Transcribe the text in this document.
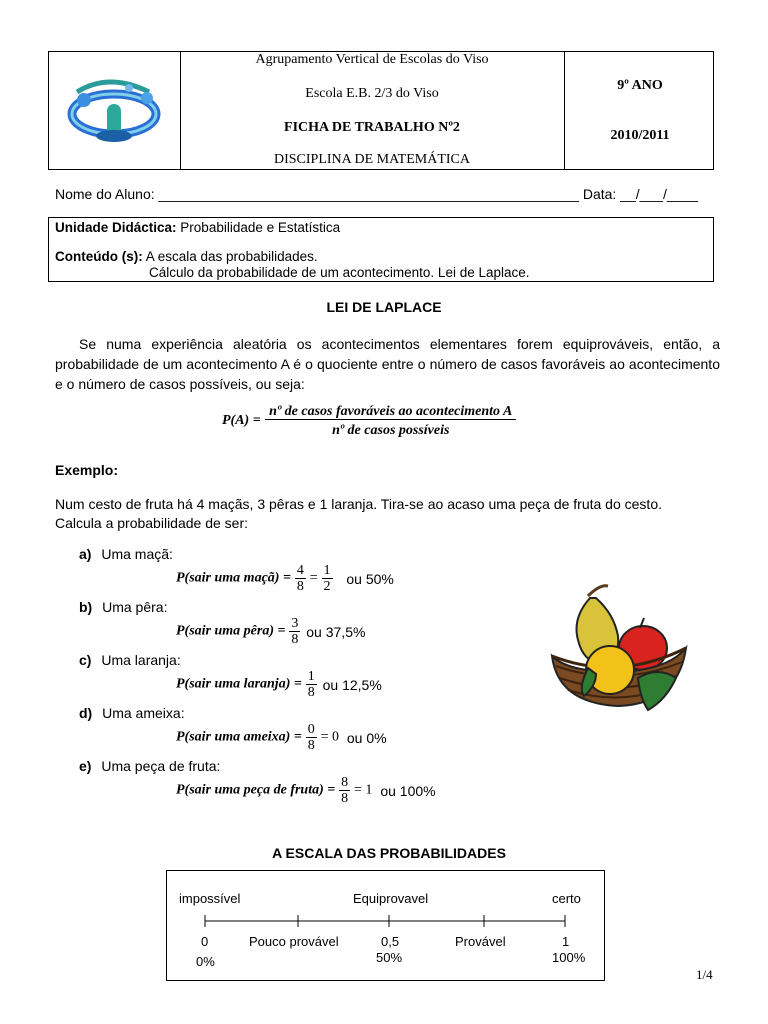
Agrupamento Vertical de Escolas do Viso
Escola E.B. 2/3 do Viso
FICHA DE TRABALHO Nº2
DISCIPLINA DE MATEMÁTICA
9º ANO
2010/2011
Nome do Aluno: ______________________________________________________ Data: __/___/____
Unidade Didáctica: Probabilidade e Estatística
Conteúdo (s): A escala das probabilidades.
Cálculo da probabilidade de um acontecimento. Lei de Laplace.
LEI DE LAPLACE
Se numa experiência aleatória os acontecimentos elementares forem equiprováveis, então, a probabilidade de um acontecimento A é o quociente entre o número de casos favoráveis ao acontecimento e o número de casos possíveis, ou seja:
$P(A) = \frac{\text{nº de casos favoráveis ao acontecimento A}}{\text{nº de casos possíveis}}$
Exemplo:
Num cesto de fruta há 4 maçãs, 3 pêras e 1 laranja. Tira-se ao acaso uma peça de fruta do cesto.
Calcula a probabilidade de ser:
a) Uma maçã:
P(sair uma maçã) = $\frac{4}{8} = \frac{1}{2}$ ou 50%
b) Uma pêra:
P(sair uma pêra) = $\frac{3}{8}$ ou 37,5%
c) Uma laranja:
P(sair uma laranja) = $\frac{1}{8}$ ou 12,5%
d) Uma ameixa:
P(sair uma ameixa) = $\frac{0}{8} = 0$ ou 0%
e) Uma peça de fruta:
P(sair uma peça de fruta) = $\frac{8}{8} = 1$ ou 100%
A ESCALA DAS PROBABILIDADES
impossível	Equiprovavel	certo
0	Pouco provável	0,5	Provável	1
0%	50%	100%
1/4
